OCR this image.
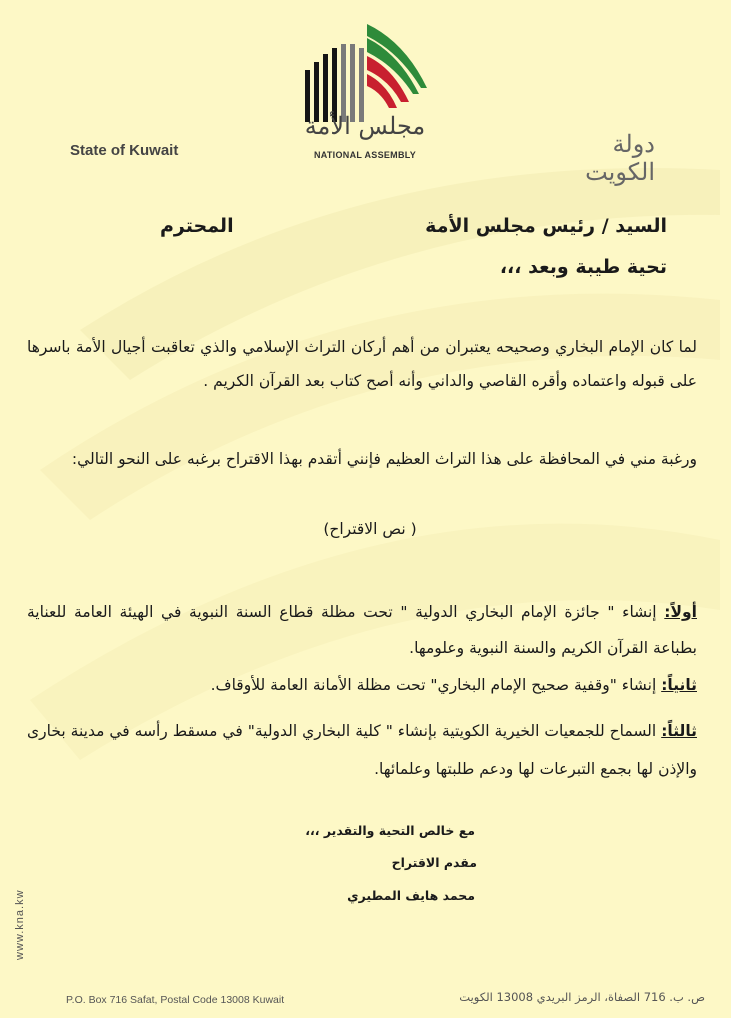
مجلس الأمة
NATIONAL ASSEMBLY
State of Kuwait	دولة الكويت
السيد / رئيس مجلس الأمة
المحترم
تحية طيبة وبعد ،،،
لما كان الإمام البخاري وصحيحه يعتبران من أهم أركان التراث الإسلامي والذي تعاقبت أجيال الأمة باسرها على قبوله واعتماده وأقره القاصي والداني وأنه أصح كتاب بعد القرآن الكريم .
ورغبة مني في المحافظة على هذا التراث العظيم فإنني أتقدم بهذا الاقتراح برغبه على النحو التالي:
( نص الاقتراح)
أولاً: إنشاء " جائزة الإمام البخاري الدولية " تحت مظلة قطاع السنة النبوية في الهيئة العامة للعناية بطباعة القرآن الكريم والسنة النبوية وعلومها.
ثانياً: إنشاء "وقفية صحيح الإمام البخاري" تحت مظلة الأمانة العامة للأوقاف.
ثالثاً: السماح للجمعيات الخيرية الكويتية بإنشاء " كلية البخاري الدولية" في مسقط رأسه في مدينة بخارى والإذن لها بجمع التبرعات لها ودعم طلبتها وعلمائها.
مع خالص التحية والتقدير ،،،
مقدم الاقتراح
محمد هايف المطيري
www.kna.kw
P.O. Box 716 Safat, Postal Code 13008 Kuwait	ص. ب. 716 الصفاة، الرمز البريدي 13008 الكويت
